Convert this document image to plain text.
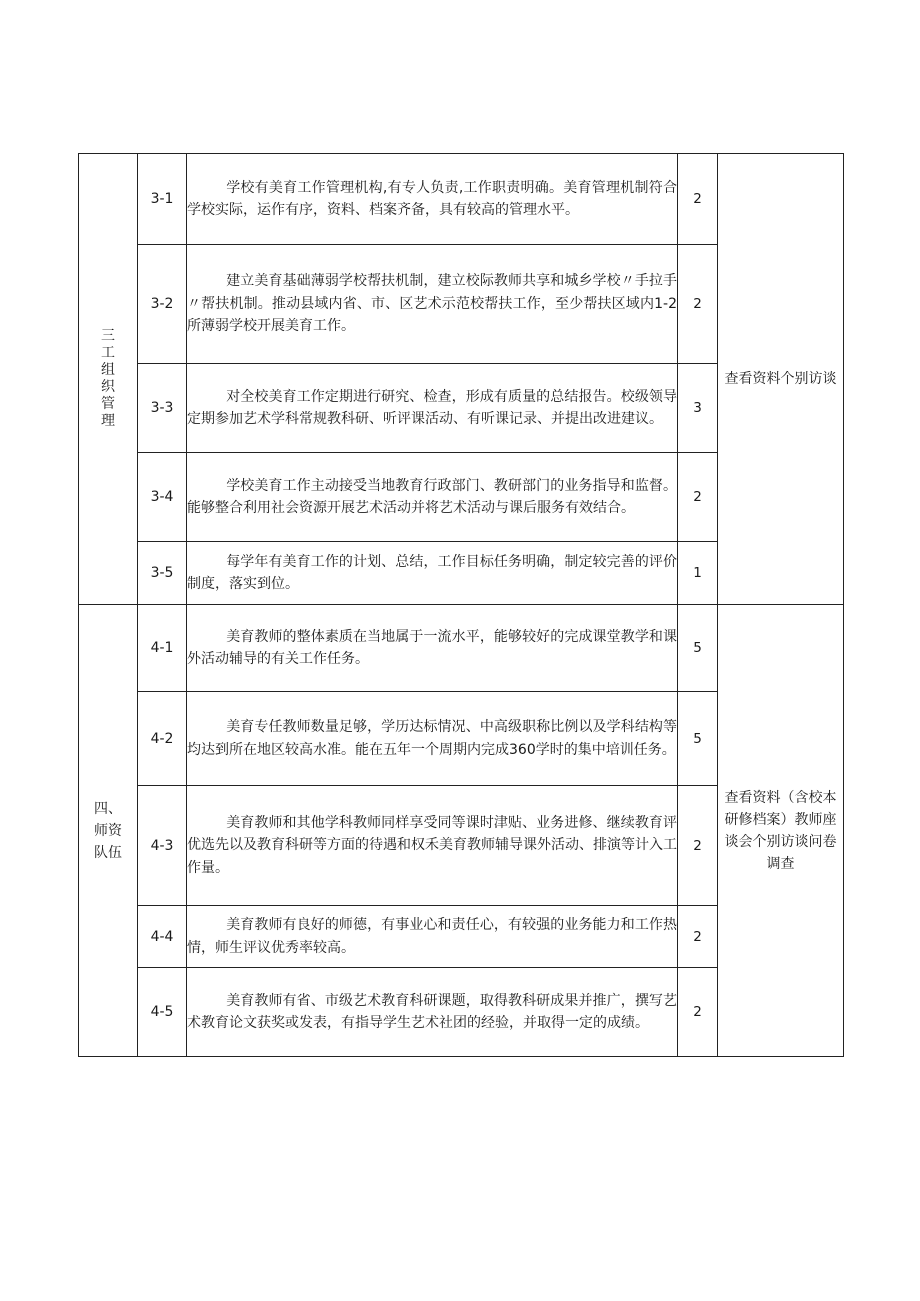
三工组织管理	3-1	学校有美育工作管理机构,有专人负责,工作职责明确。美育管理机制符合学校实际，运作有序，资料、档案齐备，具有较高的管理水平。	2	查看资料个别访谈
	3-2	建立美育基础薄弱学校帮扶机制，建立校际教师共享和城乡学校〃手拉手〃帮扶机制。推动县域内省、市、区艺术示范校帮扶工作，至少帮扶区域内1-2所薄弱学校开展美育工作。	2	
	3-3	对全校美育工作定期进行研究、检查，形成有质量的总结报告。校级领导定期参加艺术学科常规教科研、听评课活动、有听课记录、并提出改进建议。	3	
	3-4	学校美育工作主动接受当地教育行政部门、教研部门的业务指导和监督。能够整合利用社会资源开展艺术活动并将艺术活动与课后服务有效结合。	2	
	3-5	每学年有美育工作的计划、总结，工作目标任务明确，制定较完善的评价制度，落实到位。	1	
四、师资队伍	4-1	美育教师的整体素质在当地属于一流水平，能够较好的完成课堂教学和课外活动辅导的有关工作任务。	5	查看资料（含校本研修档案）教师座谈会个别访谈问卷调查
	4-2	美育专任教师数量足够，学历达标情况、中高级职称比例以及学科结构等均达到所在地区较高水准。能在五年一个周期内完成360学时的集中培训任务。	5	
	4-3	美育教师和其他学科教师同样享受同等课时津贴、业务进修、继续教育评优选先以及教育科研等方面的待遇和权禾美育教师辅导课外活动、排演等计入工作量。	2	
	4-4	美育教师有良好的师德，有事业心和责任心，有较强的业务能力和工作热情，师生评议优秀率较高。	2	
	4-5	美育教师有省、市级艺术教育科研课题，取得教科研成果并推广，撰写艺术教育论文获奖或发表，有指导学生艺术社团的经验，并取得一定的成绩。	2	
